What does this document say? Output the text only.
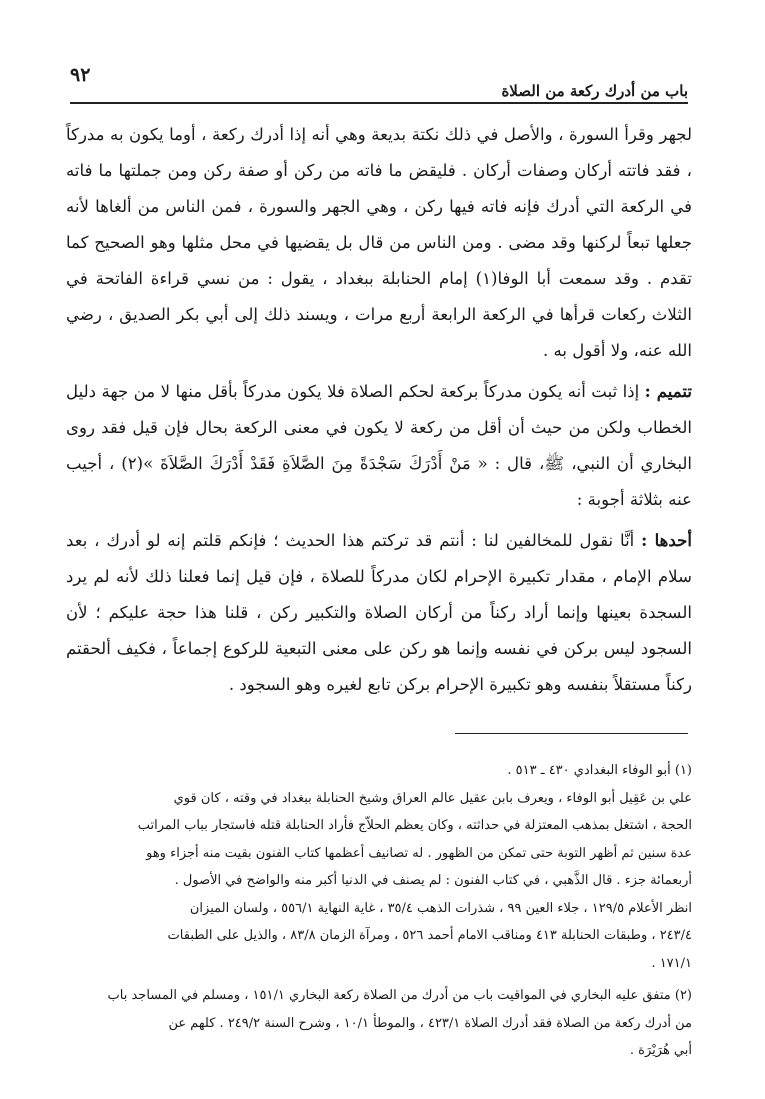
باب من أدرك ركعة من الصلاة
٩٢

لجهر وقرأ السورة ، والأصل في ذلك نكتة بديعة وهي أنه إذا أدرك ركعة ، أوما يكون به مدركاً ، فقد فاتته أركان وصفات أركان . فليقض ما فاته من ركن أو صفة ركن ومن جملتها ما فاته في الركعة التي أدرك فإنه فاته فيها ركن ، وهي الجهر والسورة ، فمن الناس من ألغاها لأنه جعلها تبعاً لركنها وقد مضى . ومن الناس من قال بل يقضيها في محل مثلها وهو الصحيح كما تقدم . وقد سمعت أبا الوفا(١) إمام الحنابلة ببغداد ، يقول : من نسي قراءة الفاتحة في الثلاث ركعات قرأها في الركعة الرابعة أربع مرات ، ويسند ذلك إلى أبي بكر الصديق ، رضي الله عنه، ولا أقول به .

تتميم : إذا ثبت أنه يكون مدركاً بركعة لحكم الصلاة فلا يكون مدركاً بأقل منها لا من جهة دليل الخطاب ولكن من حيث أن أقل من ركعة لا يكون في معنى الركعة بحال فإن قيل فقد روى البخاري أن النبي، ﷺ، قال : « مَنْ أَدْرَكَ سَجْدَةً مِنَ الصَّلاَةِ فَقَدْ أَدْرَكَ الصَّلاَةَ »(٢) ، أجيب عنه بثلاثة أجوبة :

أحدها : أنَّا نقول للمخالفين لنا : أنتم قد تركتم هذا الحديث ؛ فإنكم قلتم إنه لو أدرك ، بعد سلام الإمام ، مقدار تكبيرة الإحرام لكان مدركاً للصلاة ، فإن قيل إنما فعلنا ذلك لأنه لم يرد السجدة بعينها وإنما أراد ركناً من أركان الصلاة والتكبير ركن ، قلنا هذا حجة عليكم ؛ لأن السجود ليس بركن في نفسه وإنما هو ركن على معنى التبعية للركوع إجماعاً ، فكيف ألحقتم ركناً مستقلاً بنفسه وهو تكبيرة الإحرام بركن تابع لغيره وهو السجود .

(١) أبو الوفاء البغدادي ٤٣٠ ـ ٥١٣ .
علي بن عَقِيل أبو الوفاء ، ويعرف بابن عقيل عالم العراق وشيخ الحنابلة ببغداد في وقته ، كان قوي
الحجة ، اشتغل بمذهب المعتزلة في حداثته ، وكان يعظم الحلاّج فأراد الحنابلة قتله فاستجار بباب المراتب
عدة سنين ثم أظهر التوبة حتى تمكن من الظهور . له تصانيف أعظمها كتاب الفنون بقيت منه أجزاء وهو
أربعمائة جزء . قال الذَّهبي ، في كتاب الفنون : لم يصنف في الدنيا أكبر منه والواضح في الأصول .
انظر الأعلام ١٢٩/٥ ، جلاء العين ٩٩ ، شذرات الذهب ٣٥/٤ ، غاية النهاية ٥٥٦/١ ، ولسان الميزان
٢٤٣/٤ ، وطبقات الحنابلة ٤١٣ ومناقب الامام أحمد ٥٢٦ ، ومرآة الزمان ٨٣/٨ ، والذيل على الطبقات
١٧١/١ .
(٢) متفق عليه البخاري في المواقيت باب من أدرك من الصلاة ركعة البخاري ١٥١/١ ، ومسلم في المساجد باب
من أدرك ركعة من الصلاة فقد أدرك الصلاة ٤٢٣/١ ، والموطأ ١٠/١ ، وشرح السنة ٢٤٩/٢ . كلهم عن
أبي هُرَيْرَة .
